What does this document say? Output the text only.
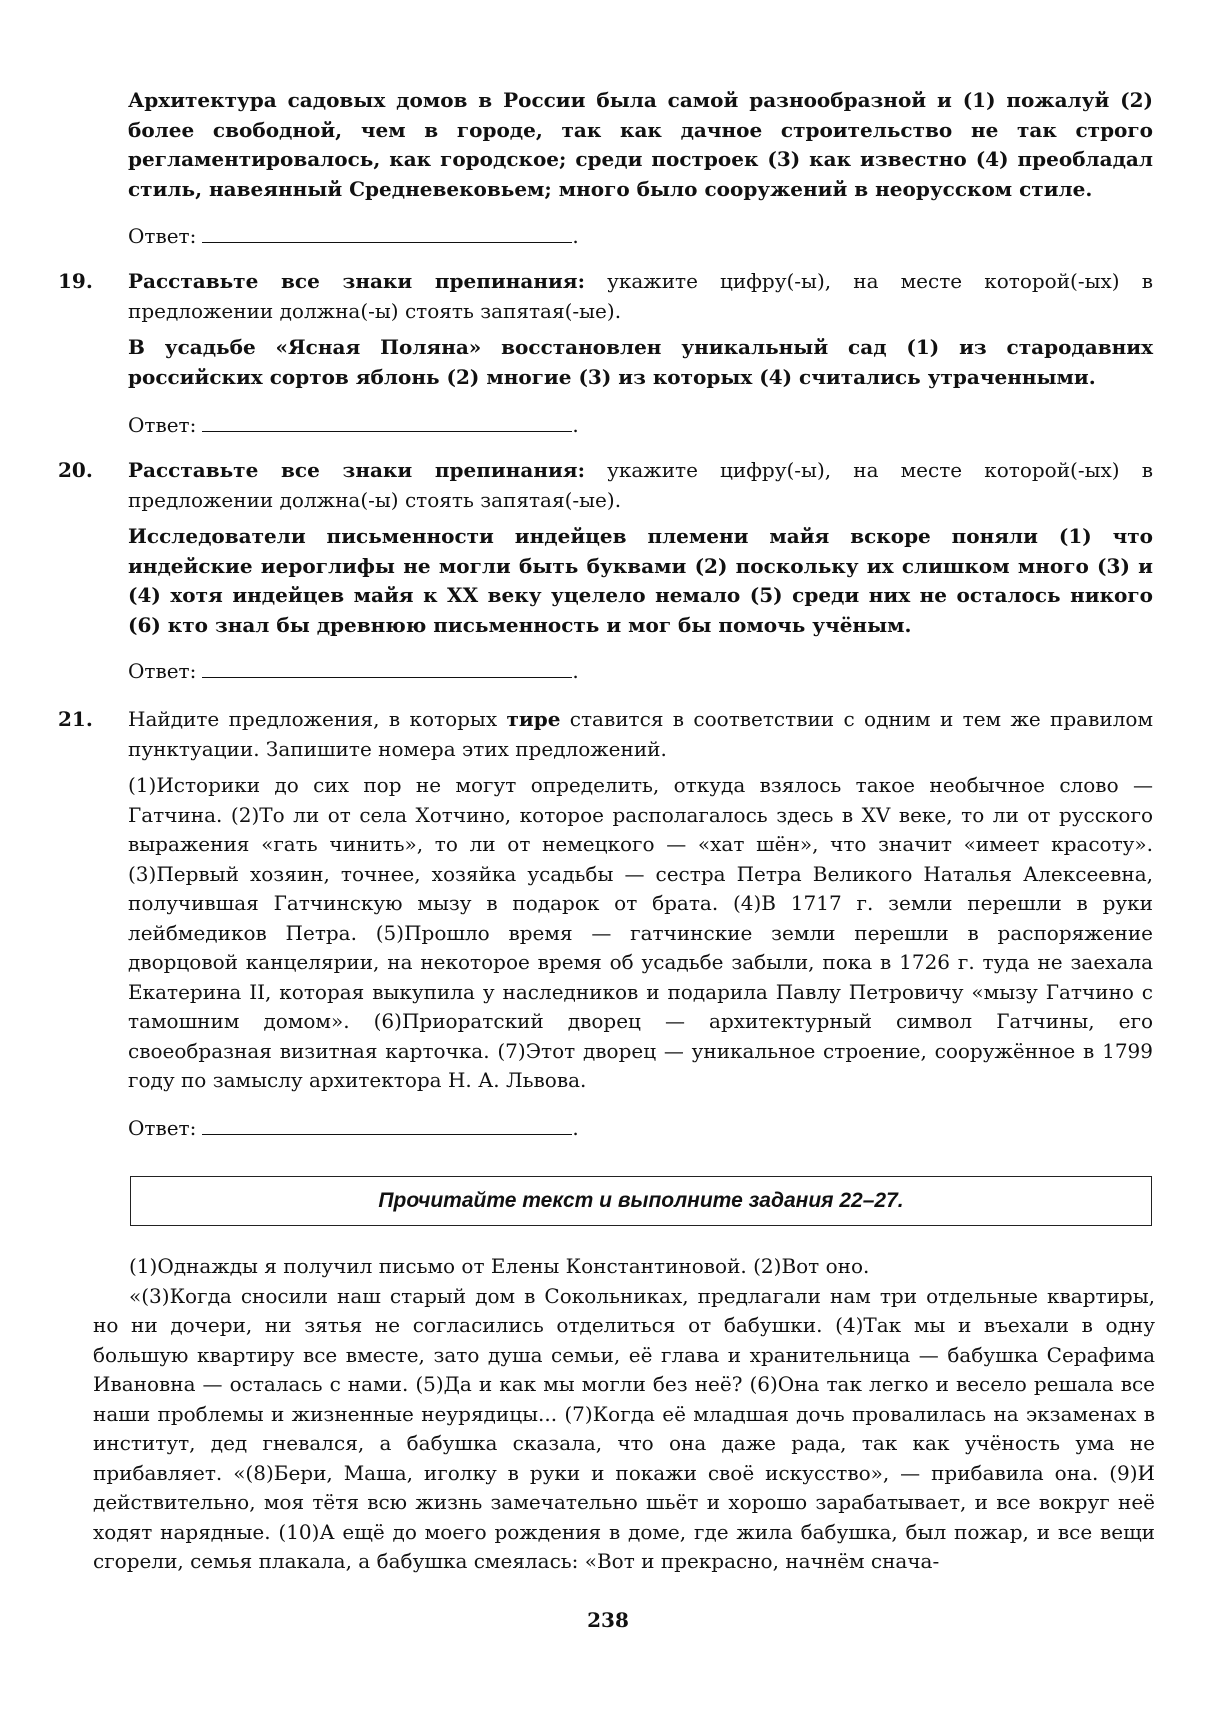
Архитектура садовых домов в России была самой разнообразной и (1) пожалуй (2) более свободной, чем в городе, так как дачное строительство не так строго регламентировалось, как городское; среди построек (3) как известно (4) преобладал стиль, навеянный Средневековьем; много было сооружений в неорусском стиле.

Ответ:	.
19. Расставьте все знаки препинания: укажите цифру(-ы), на месте которой(-ых) в предложении должна(-ы) стоять запятая(-ые).

В усадьбе «Ясная Поляна» восстановлен уникальный сад (1) из стародавних российских сортов яблонь (2) многие (3) из которых (4) считались утраченными.

Ответ:	.
20. Расставьте все знаки препинания: укажите цифру(-ы), на месте которой(-ых) в предложении должна(-ы) стоять запятая(-ые).

Исследователи письменности индейцев племени майя вскоре поняли (1) что индейские иероглифы не могли быть буквами (2) поскольку их слишком много (3) и (4) хотя индейцев майя к XX веку уцелело немало (5) среди них не осталось никого (6) кто знал бы древнюю письменность и мог бы помочь учёным.

Ответ:	.
21. Найдите предложения, в которых тире ставится в соответствии с одним и тем же правилом пунктуации. Запишите номера этих предложений.

(1)Историки до сих пор не могут определить, откуда взялось такое необычное слово — Гатчина. (2)То ли от села Хотчино, которое располагалось здесь в XV веке, то ли от русского выражения «гать чинить», то ли от немецкого — «хат шён», что значит «имеет красоту». (3)Первый хозяин, точнее, хозяйка усадьбы — сестра Петра Великого Наталья Алексеевна, получившая Гатчинскую мызу в подарок от брата. (4)В 1717 г. земли перешли в руки лейбмедиков Петра. (5)Прошло время — гатчинские земли перешли в распоряжение дворцовой канцелярии, на некоторое время об усадьбе забыли, пока в 1726 г. туда не заехала Екатерина II, которая выкупила у наследников и подарила Павлу Петровичу «мызу Гатчино с тамошним домом». (6)Приоратский дворец — архитектурный символ Гатчины, его своеобразная визитная карточка. (7)Этот дворец — уникальное строение, сооружённое в 1799 году по замыслу архитектора Н. А. Львова.

Ответ:	.
Прочитайте текст и выполните задания 22–27.

(1)Однажды я получил письмо от Елены Константиновой. (2)Вот оно.

«(3)Когда сносили наш старый дом в Сокольниках, предлагали нам три отдельные квартиры, но ни дочери, ни зятья не согласились отделиться от бабушки. (4)Так мы и въехали в одну большую квартиру все вместе, зато душа семьи, её глава и хранительница — бабушка Серафима Ивановна — осталась с нами. (5)Да и как мы могли без неё? (6)Она так легко и весело решала все наши проблемы и жизненные неурядицы... (7)Когда её младшая дочь провалилась на экзаменах в институт, дед гневался, а бабушка сказала, что она даже рада, так как учёность ума не прибавляет. «(8)Бери, Маша, иголку в руки и покажи своё искусство», — прибавила она. (9)И действительно, моя тётя всю жизнь замечательно шьёт и хорошо зарабатывает, и все вокруг неё ходят нарядные. (10)А ещё до моего рождения в доме, где жила бабушка, был пожар, и все вещи сгорели, семья плакала, а бабушка смеялась: «Вот и прекрасно, начнём снача-

238
